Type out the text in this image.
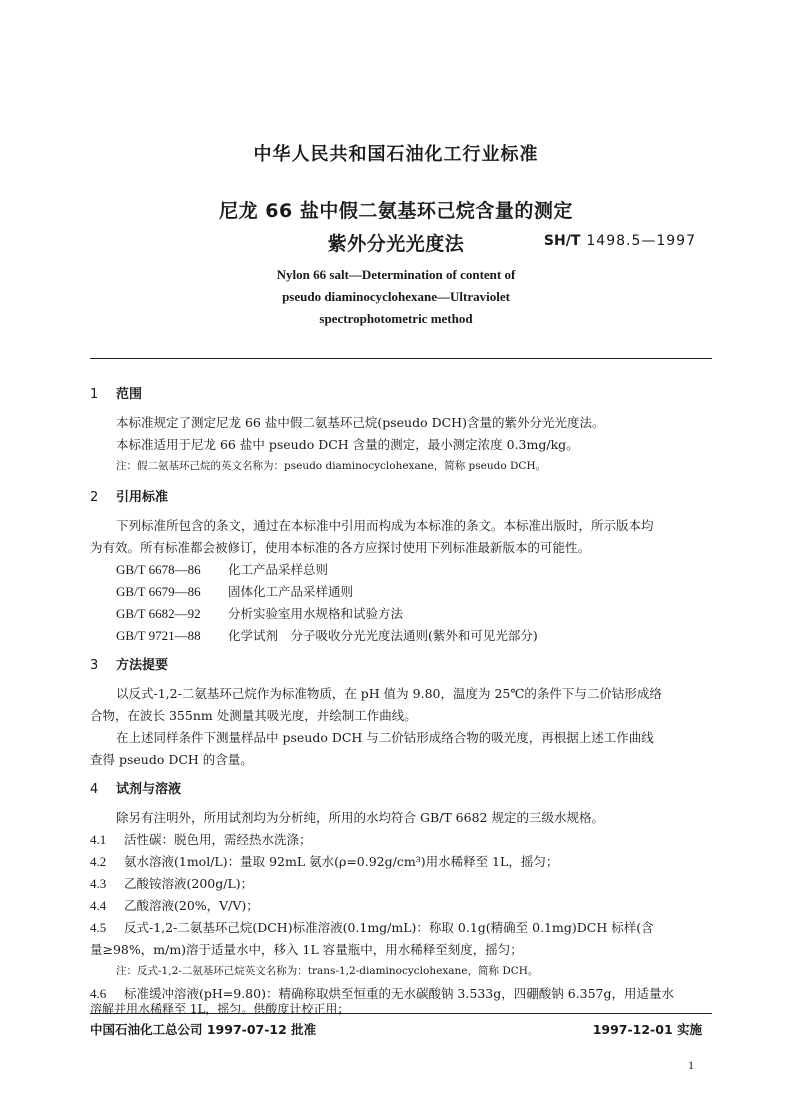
中华人民共和国石油化工行业标准
尼龙 66 盐中假二氨基环己烷含量的测定
紫外分光光度法	SH/T 1498.5—1997
Nylon 66 salt—Determination of content of
pseudo diaminocyclohexane—Ultraviolet
spectrophotometric method
1 范围
本标准规定了测定尼龙 66 盐中假二氨基环己烷(pseudo DCH)含量的紫外分光光度法。
本标准适用于尼龙 66 盐中 pseudo DCH 含量的测定，最小测定浓度 0.3mg/kg。
注：假二氨基环己烷的英文名称为：pseudo diaminocyclohexane，简称 pseudo DCH。
2 引用标准
下列标准所包含的条文，通过在本标准中引用而构成为本标准的条文。本标准出版时，所示版本均
为有效。所有标准都会被修订，使用本标准的各方应探讨使用下列标准最新版本的可能性。
GB/T 6678—86 化工产品采样总则
GB/T 6679—86 固体化工产品采样通则
GB/T 6682—92 分析实验室用水规格和试验方法
GB/T 9721—88 化学试剂　分子吸收分光光度法通则(紫外和可见光部分)
3 方法提要
以反式-1,2-二氨基环己烷作为标准物质，在 pH 值为 9.80，温度为 25℃的条件下与二价钴形成络
合物，在波长 355nm 处测量其吸光度，并绘制工作曲线。
在上述同样条件下测量样品中 pseudo DCH 与二价钴形成络合物的吸光度，再根据上述工作曲线
查得 pseudo DCH 的含量。
4 试剂与溶液
除另有注明外，所用试剂均为分析纯，所用的水均符合 GB/T 6682 规定的三级水规格。
4.1 活性碳：脱色用，需经热水洗涤；
4.2 氨水溶液(1mol/L)：量取 92mL 氨水(ρ=0.92g/cm³)用水稀释至 1L，摇匀；
4.3 乙酸铵溶液(200g/L)；
4.4 乙酸溶液(20%，V/V)；
4.5 反式-1,2-二氨基环己烷(DCH)标准溶液(0.1mg/mL)：称取 0.1g(精确至 0.1mg)DCH 标样(含
量≥98%，m/m)溶于适量水中，移入 1L 容量瓶中，用水稀释至刻度，摇匀；
注：反式-1,2-二氨基环己烷英文名称为：trans-1,2-diaminocyclohexane，简称 DCH。
4.6 标准缓冲溶液(pH=9.80)：精确称取烘至恒重的无水碳酸钠 3.533g，四硼酸钠 6.357g，用适量水
溶解并用水稀释至 1L，摇匀。供酸度计校正用；
中国石油化工总公司 1997-07-12 批准	1997-12-01 实施
1
